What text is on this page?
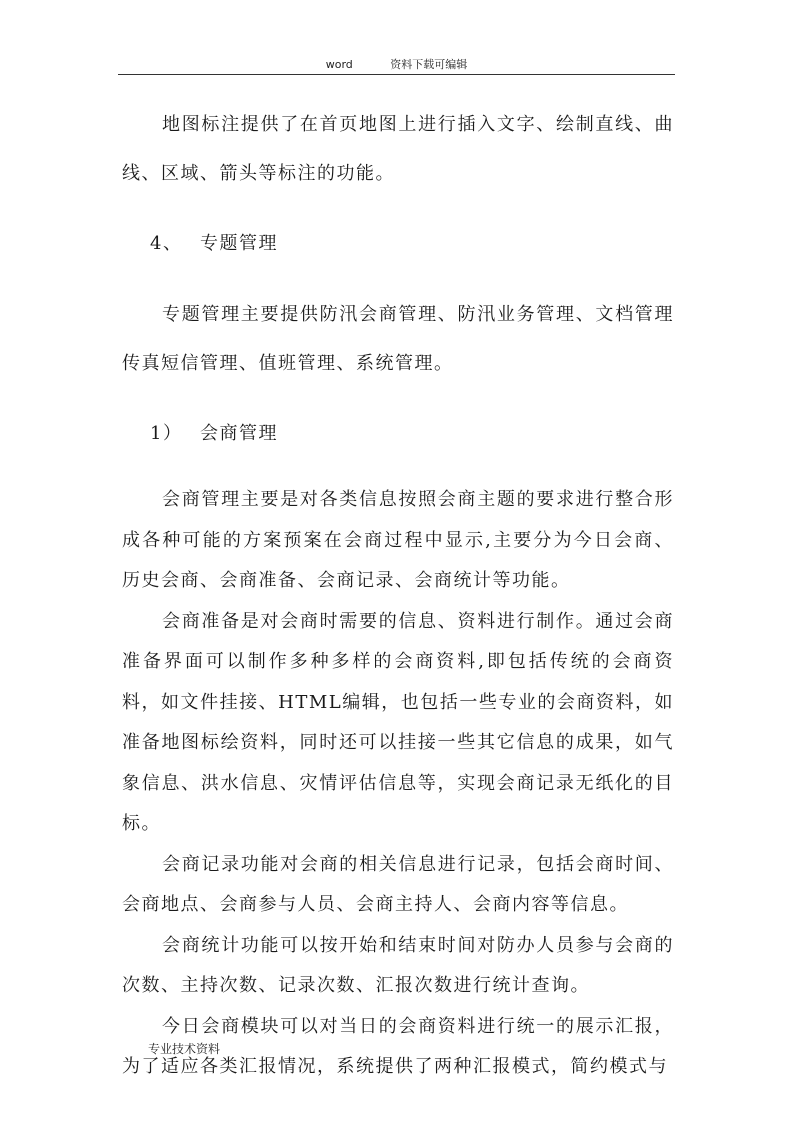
word	资料下载可编辑

地图标注提供了在首页地图上进行插入文字、绘制直线、曲线、区域、箭头等标注的功能。

4、 专题管理

专题管理主要提供防汛会商管理、防汛业务管理、文档管理传真短信管理、值班管理、系统管理。

1） 会商管理

会商管理主要是对各类信息按照会商主题的要求进行整合形成各种可能的方案预案在会商过程中显示,主要分为今日会商、历史会商、会商准备、会商记录、会商统计等功能。

会商准备是对会商时需要的信息、资料进行制作。通过会商准备界面可以制作多种多样的会商资料,即包括传统的会商资料，如文件挂接、HTML编辑，也包括一些专业的会商资料，如准备地图标绘资料，同时还可以挂接一些其它信息的成果，如气象信息、洪水信息、灾情评估信息等，实现会商记录无纸化的目标。

会商记录功能对会商的相关信息进行记录，包括会商时间、会商地点、会商参与人员、会商主持人、会商内容等信息。

会商统计功能可以按开始和结束时间对防办人员参与会商的次数、主持次数、记录次数、汇报次数进行统计查询。

今日会商模块可以对当日的会商资料进行统一的展示汇报，为了适应各类汇报情况，系统提供了两种汇报模式，简约模式与

专业技术资料
